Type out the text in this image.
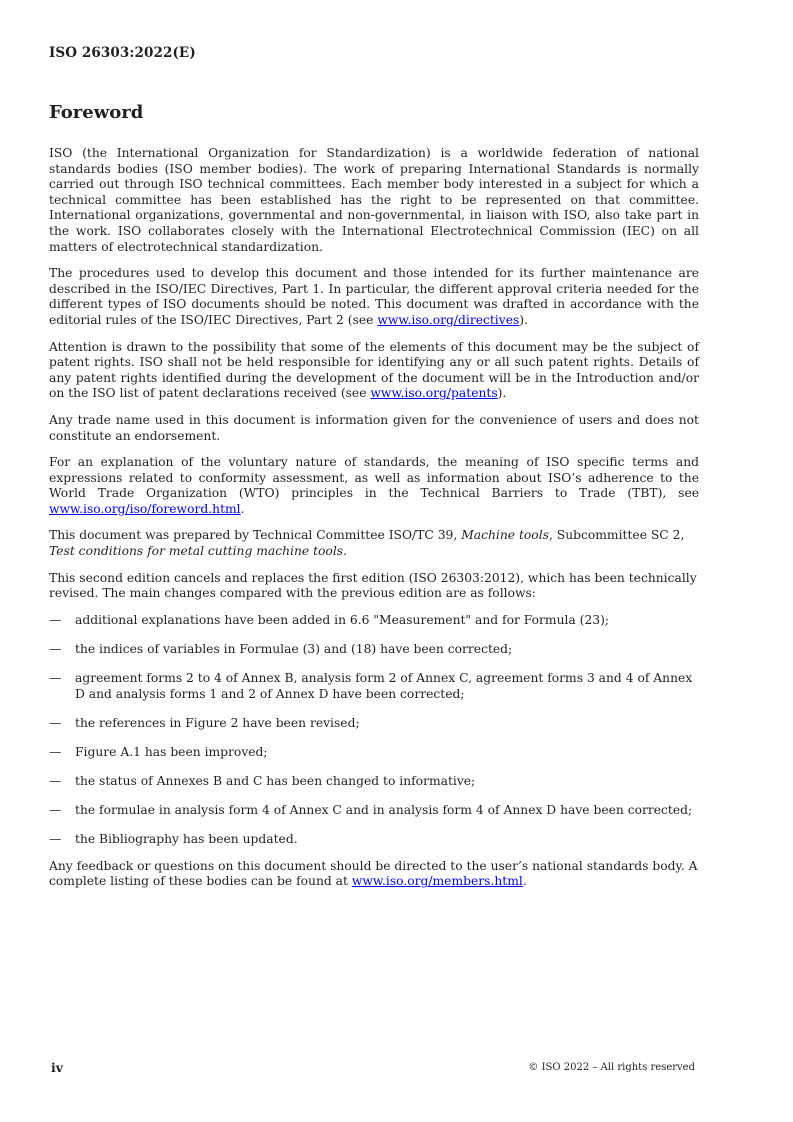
ISO 26303:2022(E)
Foreword

ISO (the International Organization for Standardization) is a worldwide federation of national standards bodies (ISO member bodies). The work of preparing International Standards is normally carried out through ISO technical committees. Each member body interested in a subject for which a technical committee has been established has the right to be represented on that committee. International organizations, governmental and non-governmental, in liaison with ISO, also take part in the work. ISO collaborates closely with the International Electrotechnical Commission (IEC) on all matters of electrotechnical standardization.

The procedures used to develop this document and those intended for its further maintenance are described in the ISO/IEC Directives, Part 1. In particular, the different approval criteria needed for the different types of ISO documents should be noted. This document was drafted in accordance with the editorial rules of the ISO/IEC Directives, Part 2 (see www.iso.org/directives).

Attention is drawn to the possibility that some of the elements of this document may be the subject of patent rights. ISO shall not be held responsible for identifying any or all such patent rights. Details of any patent rights identified during the development of the document will be in the Introduction and/or on the ISO list of patent declarations received (see www.iso.org/patents).

Any trade name used in this document is information given for the convenience of users and does not constitute an endorsement.

For an explanation of the voluntary nature of standards, the meaning of ISO specific terms and expressions related to conformity assessment, as well as information about ISO’s adherence to the World Trade Organization (WTO) principles in the Technical Barriers to Trade (TBT), see www.iso.org/iso/foreword.html.

This document was prepared by Technical Committee ISO/TC 39, Machine tools, Subcommittee SC 2, Test conditions for metal cutting machine tools.

This second edition cancels and replaces the first edition (ISO 26303:2012), which has been technically revised. The main changes compared with the previous edition are as follows:

— additional explanations have been added in 6.6 "Measurement" and for Formula (23);
— the indices of variables in Formulae (3) and (18) have been corrected;
— agreement forms 2 to 4 of Annex B, analysis form 2 of Annex C, agreement forms 3 and 4 of Annex D and analysis forms 1 and 2 of Annex D have been corrected;
— the references in Figure 2 have been revised;
— Figure A.1 has been improved;
— the status of Annexes B and C has been changed to informative;
— the formulae in analysis form 4 of Annex C and in analysis form 4 of Annex D have been corrected;
— the Bibliography has been updated.

Any feedback or questions on this document should be directed to the user’s national standards body. A complete listing of these bodies can be found at www.iso.org/members.html.

iv	© ISO 2022 – All rights reserved
